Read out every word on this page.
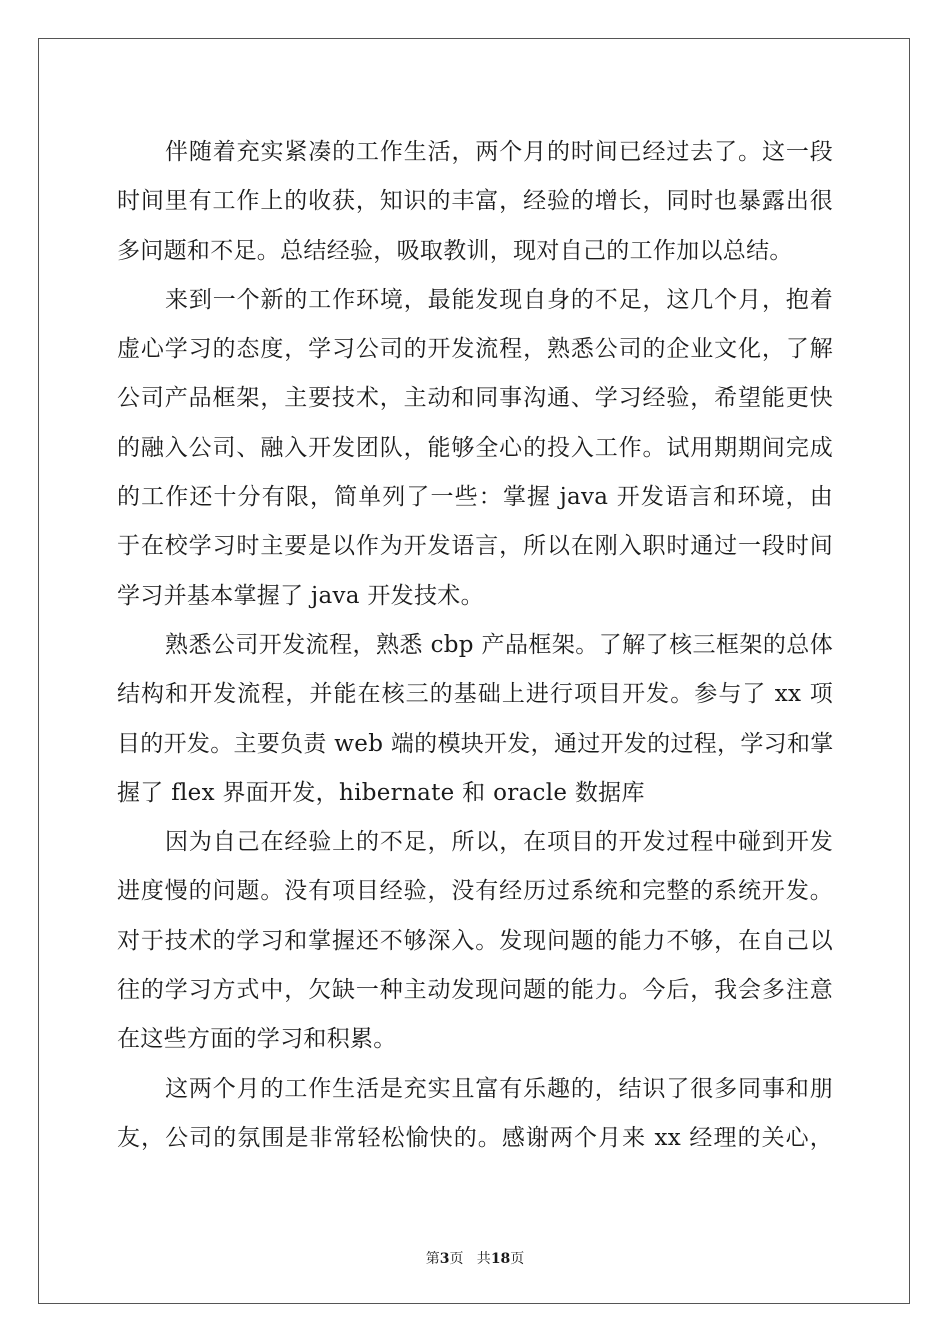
伴随着充实紧凑的工作生活，两个月的时间已经过去了。这一段
时间里有工作上的收获，知识的丰富，经验的增长，同时也暴露出很
多问题和不足。总结经验，吸取教训，现对自己的工作加以总结。
来到一个新的工作环境，最能发现自身的不足，这几个月，抱着
虚心学习的态度，学习公司的开发流程，熟悉公司的企业文化，了解
公司产品框架，主要技术，主动和同事沟通、学习经验，希望能更快
的融入公司、融入开发团队，能够全心的投入工作。试用期期间完成
的工作还十分有限，简单列了一些：掌握 java 开发语言和环境，由
于在校学习时主要是以作为开发语言，所以在刚入职时通过一段时间
学习并基本掌握了 java 开发技术。
熟悉公司开发流程，熟悉 cbp 产品框架。了解了核三框架的总体
结构和开发流程，并能在核三的基础上进行项目开发。参与了 xx 项
目的开发。主要负责 web 端的模块开发，通过开发的过程，学习和掌
握了 flex 界面开发，hibernate 和 oracle 数据库
因为自己在经验上的不足，所以，在项目的开发过程中碰到开发
进度慢的问题。没有项目经验，没有经历过系统和完整的系统开发。
对于技术的学习和掌握还不够深入。发现问题的能力不够，在自己以
往的学习方式中，欠缺一种主动发现问题的能力。今后，我会多注意
在这些方面的学习和积累。
这两个月的工作生活是充实且富有乐趣的，结识了很多同事和朋
友，公司的氛围是非常轻松愉快的。感谢两个月来 xx 经理的关心，
第3页   共18页
